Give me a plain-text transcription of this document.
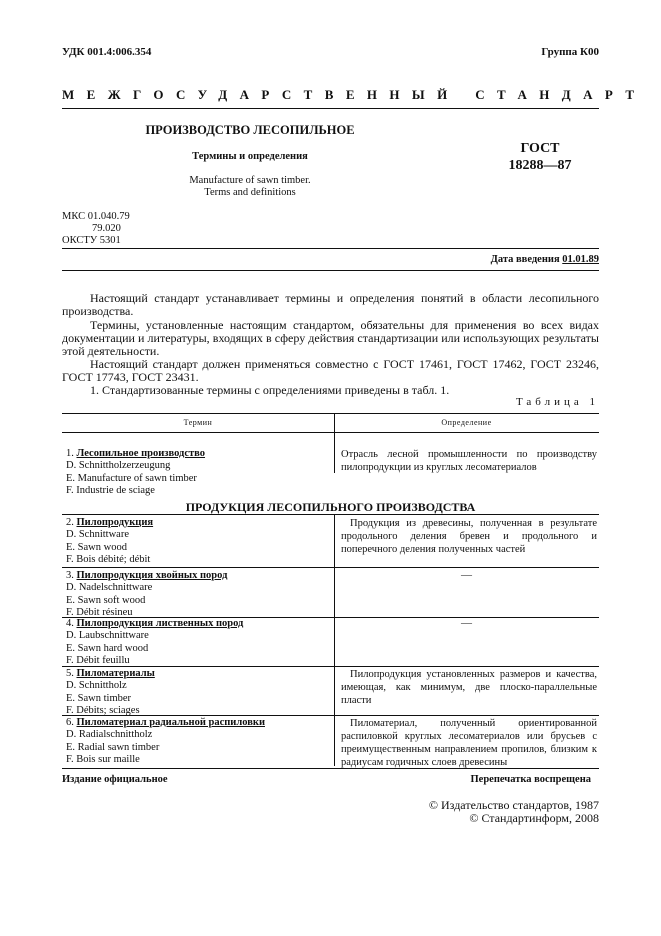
УДК 001.4:006.354	Группа К00
МЕЖГОСУДАРСТВЕННЫЙ СТАНДАРТ
ПРОИЗВОДСТВО ЛЕСОПИЛЬНОЕ
Термины и определения
Manufacture of sawn timber.
Terms and definitions
ГОСТ
18288—87
МКС 01.040.79
79.020
ОКСТУ 5301
Дата введения 01.01.89
Настоящий стандарт устанавливает термины и определения понятий в области лесопильного производства.
Термины, установленные настоящим стандартом, обязательны для применения во всех видах документации и литературы, входящих в сферу действия стандартизации или использующих результаты этой деятельности.
Настоящий стандарт должен применяться совместно с ГОСТ 17461, ГОСТ 17462, ГОСТ 23246, ГОСТ 17743, ГОСТ 23431.
1. Стандартизованные термины с определениями приведены в табл. 1.
Таблица 1
Термин	Определение
1. Лесопильное производство
D. Schnittholzerzeugung
E. Manufacture of sawn timber
F. Industrie de sciage
Отрасль лесной промышленности по производству пилопродукции из круглых лесоматериалов
ПРОДУКЦИЯ ЛЕСОПИЛЬНОГО ПРОИЗВОДСТВА
2. Пилопродукция
D. Schnittware
E. Sawn wood
F. Bois débité; débit
Продукция из древесины, полученная в результате продольного деления бревен и продольного и поперечного деления полученных частей
3. Пилопродукция хвойных пород
D. Nadelschnittware
E. Sawn soft wood
F. Débit résineu
—
4. Пилопродукция лиственных пород
D. Laubschnittware
E. Sawn hard wood
F. Débit feuillu
—
5. Пиломатериалы
D. Schnittholz
E. Sawn timber
F. Débits; sciages
Пилопродукция установленных размеров и качества, имеющая, как минимум, две плоско-параллельные пласти
6. Пиломатериал радиальной распиловки
D. Radialschnittholz
E. Radial sawn timber
F. Bois sur maille
Пиломатериал, полученный ориентированной распиловкой круглых лесоматериалов или брусьев с преимущественным направлением пропилов, близким к радиусам годичных слоев древесины
Издание официальное	Перепечатка воспрещена
© Издательство стандартов, 1987
© Стандартинформ, 2008
